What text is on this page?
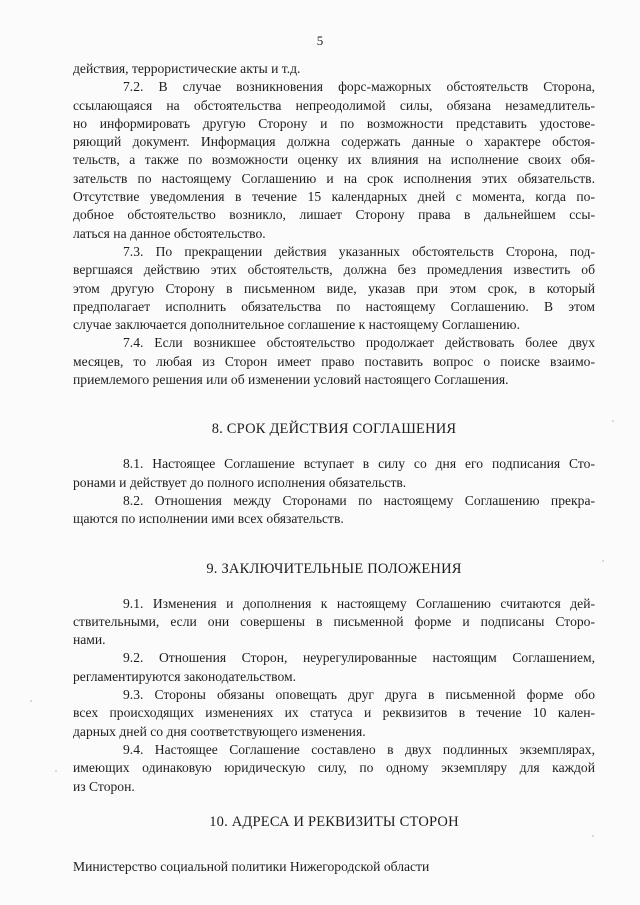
5
действия, террористические акты и т.д.
7.2. В случае возникновения форс-мажорных обстоятельств Сторона,
ссылающаяся на обстоятельства непреодолимой силы, обязана незамедлитель-
но информировать другую Сторону и по возможности представить удостове-
ряющий документ. Информация должна содержать данные о характере обстоя-
тельств, а также по возможности оценку их влияния на исполнение своих обя-
зательств по настоящему Соглашению и на срок исполнения этих обязательств.
Отсутствие уведомления в течение 15 календарных дней с момента, когда по-
добное обстоятельство возникло, лишает Сторону права в дальнейшем ссы-
латься на данное обстоятельство.
7.3. По прекращении действия указанных обстоятельств Сторона, под-
вергшаяся действию этих обстоятельств, должна без промедления известить об
этом другую Сторону в письменном виде, указав при этом срок, в который
предполагает исполнить обязательства по настоящему Соглашению. В этом
случае заключается дополнительное соглашение к настоящему Соглашению.
7.4. Если возникшее обстоятельство продолжает действовать более двух
месяцев, то любая из Сторон имеет право поставить вопрос о поиске взаимо-
приемлемого решения или об изменении условий настоящего Соглашения.
8. СРОК ДЕЙСТВИЯ СОГЛАШЕНИЯ
8.1. Настоящее Соглашение вступает в силу со дня его подписания Сто-
ронами и действует до полного исполнения обязательств.
8.2. Отношения между Сторонами по настоящему Соглашению прекра-
щаются по исполнении ими всех обязательств.
9. ЗАКЛЮЧИТЕЛЬНЫЕ ПОЛОЖЕНИЯ
9.1. Изменения и дополнения к настоящему Соглашению считаются дей-
ствительными, если они совершены в письменной форме и подписаны Сторо-
нами.
9.2. Отношения Сторон, неурегулированные настоящим Соглашением,
регламентируются законодательством.
9.3. Стороны обязаны оповещать друг друга в письменной форме обо
всех происходящих изменениях их статуса и реквизитов в течение 10 кален-
дарных дней со дня соответствующего изменения.
9.4. Настоящее Соглашение составлено в двух подлинных экземплярах,
имеющих одинаковую юридическую силу, по одному экземпляру для каждой
из Сторон.
10. АДРЕСА И РЕКВИЗИТЫ СТОРОН
Министерство социальной политики Нижегородской области
